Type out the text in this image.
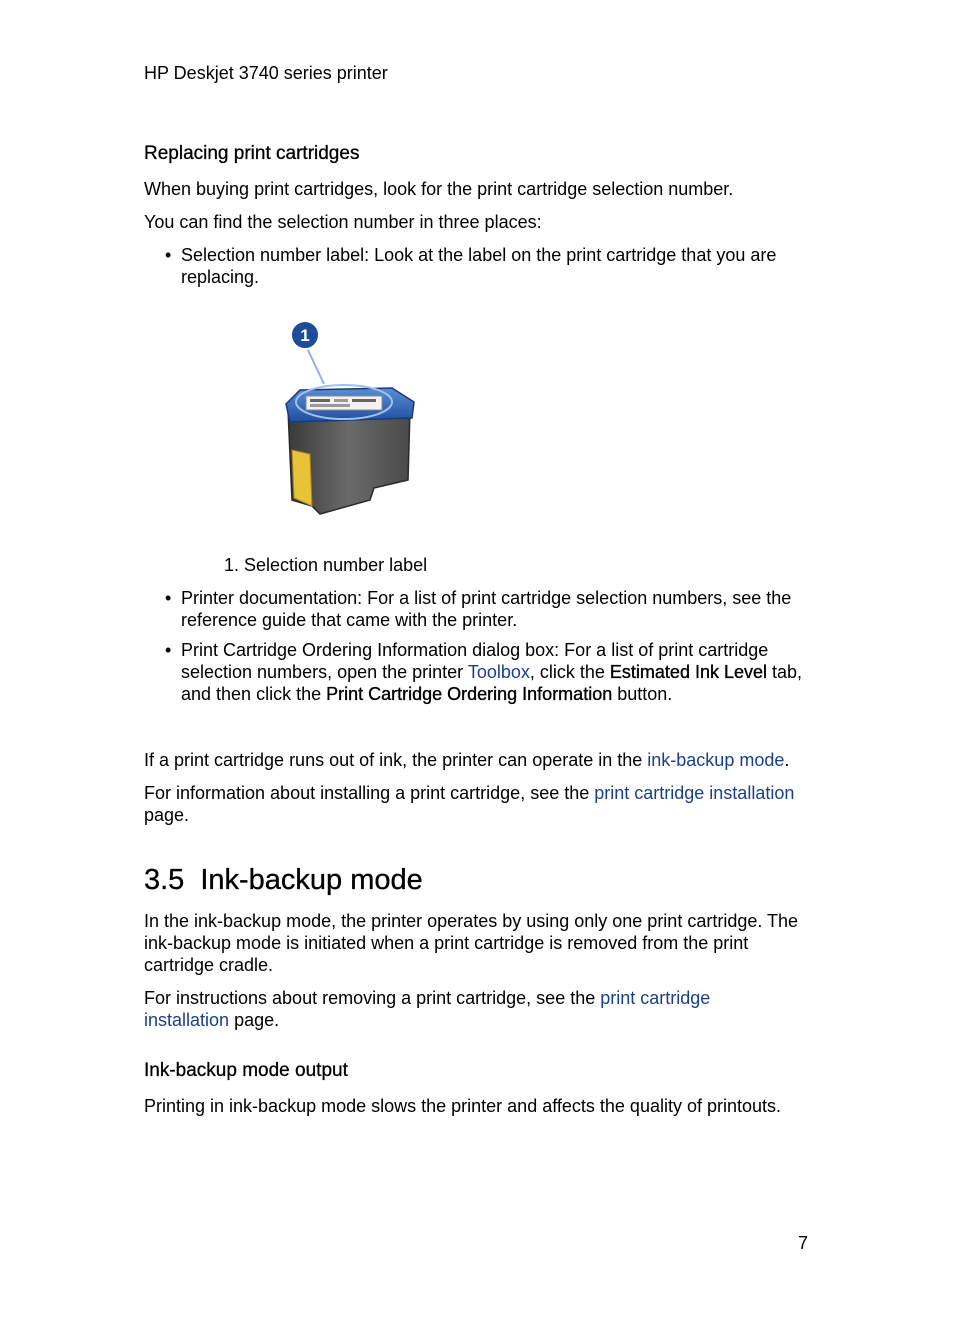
HP Deskjet 3740 series printer
Replacing print cartridges
When buying print cartridges, look for the print cartridge selection number.
You can find the selection number in three places:
• Selection number label: Look at the label on the print cartridge that you are replacing.
1
1. Selection number label
• Printer documentation: For a list of print cartridge selection numbers, see the reference guide that came with the printer.
• Print Cartridge Ordering Information dialog box: For a list of print cartridge selection numbers, open the printer Toolbox, click the Estimated Ink Level tab, and then click the Print Cartridge Ordering Information button.
If a print cartridge runs out of ink, the printer can operate in the ink-backup mode.
For information about installing a print cartridge, see the print cartridge installation page.
3.5 Ink-backup mode
In the ink-backup mode, the printer operates by using only one print cartridge. The ink-backup mode is initiated when a print cartridge is removed from the print cartridge cradle.
For instructions about removing a print cartridge, see the print cartridge installation page.
Ink-backup mode output
Printing in ink-backup mode slows the printer and affects the quality of printouts.
7
